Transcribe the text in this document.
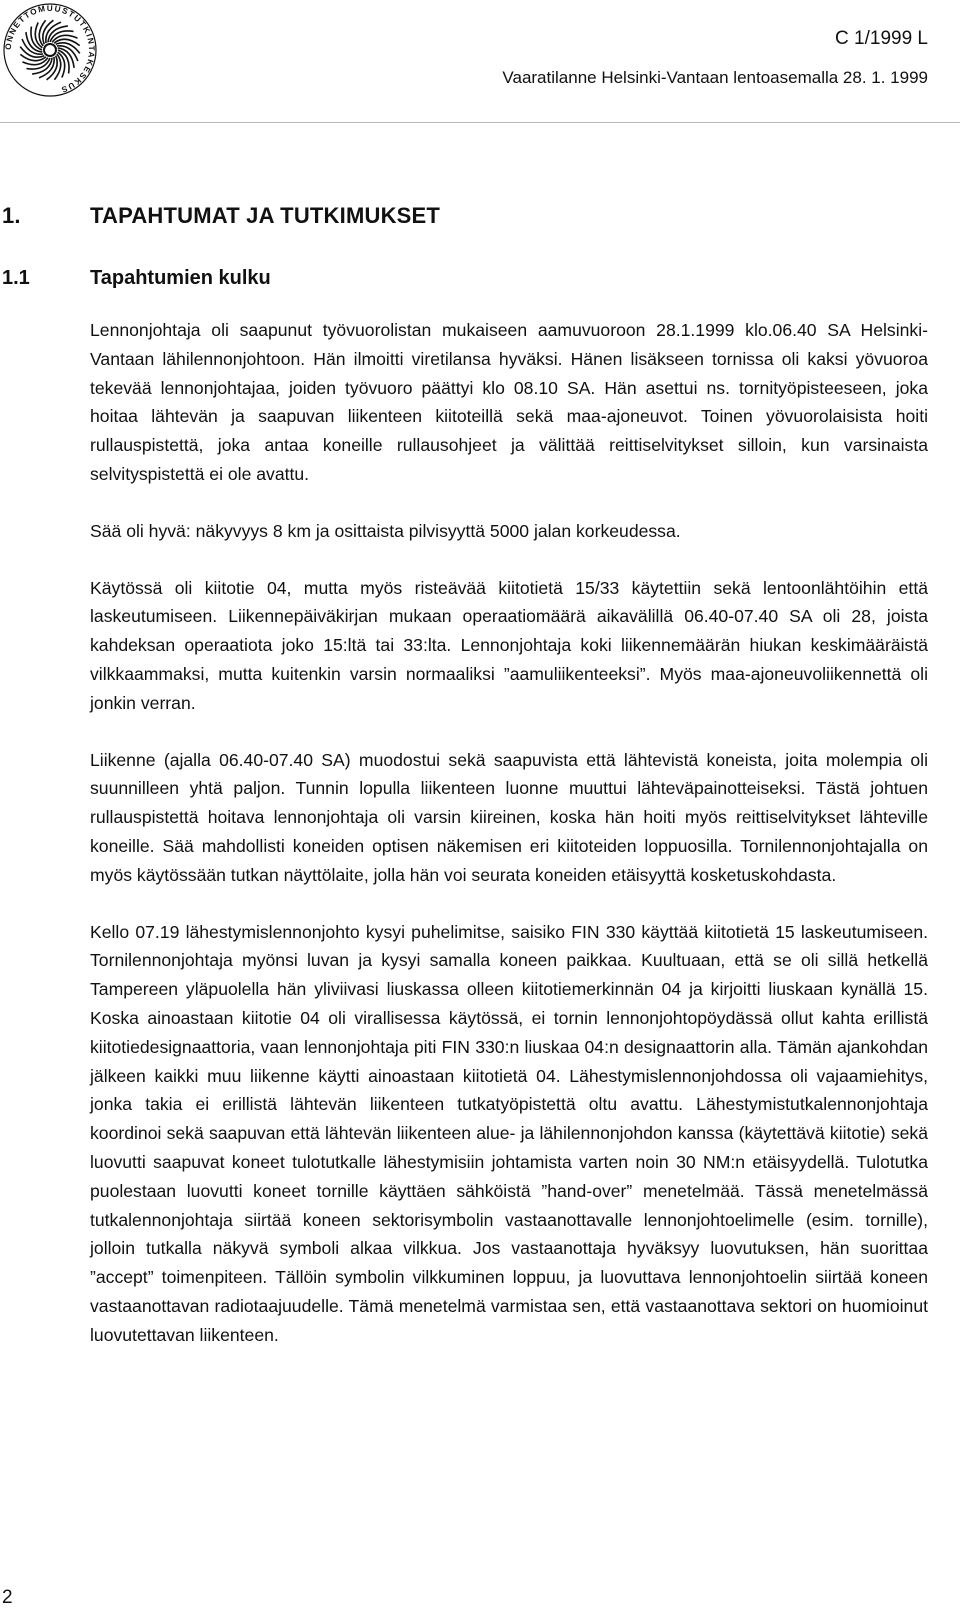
ONNETTOMUUSTUTKINTAKESKUS
C 1/1999 L
Vaaratilanne Helsinki-Vantaan lentoasemalla 28. 1. 1999
1.	TAPAHTUMAT JA TUTKIMUKSET
1.1	Tapahtumien kulku

Lennonjohtaja oli saapunut työvuorolistan mukaiseen aamuvuoroon 28.1.1999 klo.06.40 SA Helsinki-Vantaan lähilennonjohtoon. Hän ilmoitti viretilansa hyväksi. Hänen lisäkseen tornissa oli kaksi yövuoroa tekevää lennonjohtajaa, joiden työvuoro päättyi klo 08.10 SA. Hän asettui ns. tornityöpisteeseen, joka hoitaa lähtevän ja saapuvan liikenteen kiitoteillä sekä maa-ajoneuvot. Toinen yövuorolaisista hoiti rullauspistettä, joka antaa koneille rullausohjeet ja välittää reittiselvitykset silloin, kun varsinaista selvityspistettä ei ole avattu.

Sää oli hyvä: näkyvyys 8 km ja osittaista pilvisyyttä 5000 jalan korkeudessa.

Käytössä oli kiitotie 04, mutta myös risteävää kiitotietä 15/33 käytettiin sekä lentoonlähtöihin että laskeutumiseen. Liikennepäiväkirjan mukaan operaatiomäärä aikavälillä 06.40-07.40 SA oli 28, joista kahdeksan operaatiota joko 15:ltä tai 33:lta. Lennonjohtaja koki liikennemäärän hiukan keskimääräistä vilkkaammaksi, mutta kuitenkin varsin normaaliksi ”aamuliikenteeksi”. Myös maa-ajoneuvoliikennettä oli jonkin verran.

Liikenne (ajalla 06.40-07.40 SA) muodostui sekä saapuvista että lähtevistä koneista, joita molempia oli suunnilleen yhtä paljon. Tunnin lopulla liikenteen luonne muuttui lähteväpainotteiseksi. Tästä johtuen rullauspistettä hoitava lennonjohtaja oli varsin kiireinen, koska hän hoiti myös reittiselvitykset lähteville koneille. Sää mahdollisti koneiden optisen näkemisen eri kiitoteiden loppuosilla. Tornilennonjohtajalla on myös käytössään tutkan näyttölaite, jolla hän voi seurata koneiden etäisyyttä kosketuskohdasta.

Kello 07.19 lähestymislennonjohto kysyi puhelimitse, saisiko FIN 330 käyttää kiitotietä 15 laskeutumiseen. Tornilennonjohtaja myönsi luvan ja kysyi samalla koneen paikkaa. Kuultuaan, että se oli sillä hetkellä Tampereen yläpuolella hän yliviivasi liuskassa olleen kiitotiemerkinnän 04 ja kirjoitti liuskaan kynällä 15. Koska ainoastaan kiitotie 04 oli virallisessa käytössä, ei tornin lennonjohtopöydässä ollut kahta erillistä kiitotiedesignaattoria, vaan lennonjohtaja piti FIN 330:n liuskaa 04:n designaattorin alla. Tämän ajankohdan jälkeen kaikki muu liikenne käytti ainoastaan kiitotietä 04. Lähestymislennonjohdossa oli vajaamiehitys, jonka takia ei erillistä lähtevän liikenteen tutkatyöpistettä oltu avattu. Lähestymistutkalennonjohtaja koordinoi sekä saapuvan että lähtevän liikenteen alue- ja lähilennonjohdon kanssa (käytettävä kiitotie) sekä luovutti saapuvat koneet tulotutkalle lähestymisiin johtamista varten noin 30 NM:n etäisyydellä. Tulotutka puolestaan luovutti koneet tornille käyttäen sähköistä ”hand-over” menetelmää. Tässä menetelmässä tutkalennonjohtaja siirtää koneen sektorisymbolin vastaanottavalle lennonjohtoelimelle (esim. tornille), jolloin tutkalla näkyvä symboli alkaa vilkkua. Jos vastaanottaja hyväksyy luovutuksen, hän suorittaa ”accept” toimenpiteen. Tällöin symbolin vilkkuminen loppuu, ja luovuttava lennonjohtoelin siirtää koneen vastaanottavan radiotaajuudelle. Tämä menetelmä varmistaa sen, että vastaanottava sektori on huomioinut luovutettavan liikenteen.

2
